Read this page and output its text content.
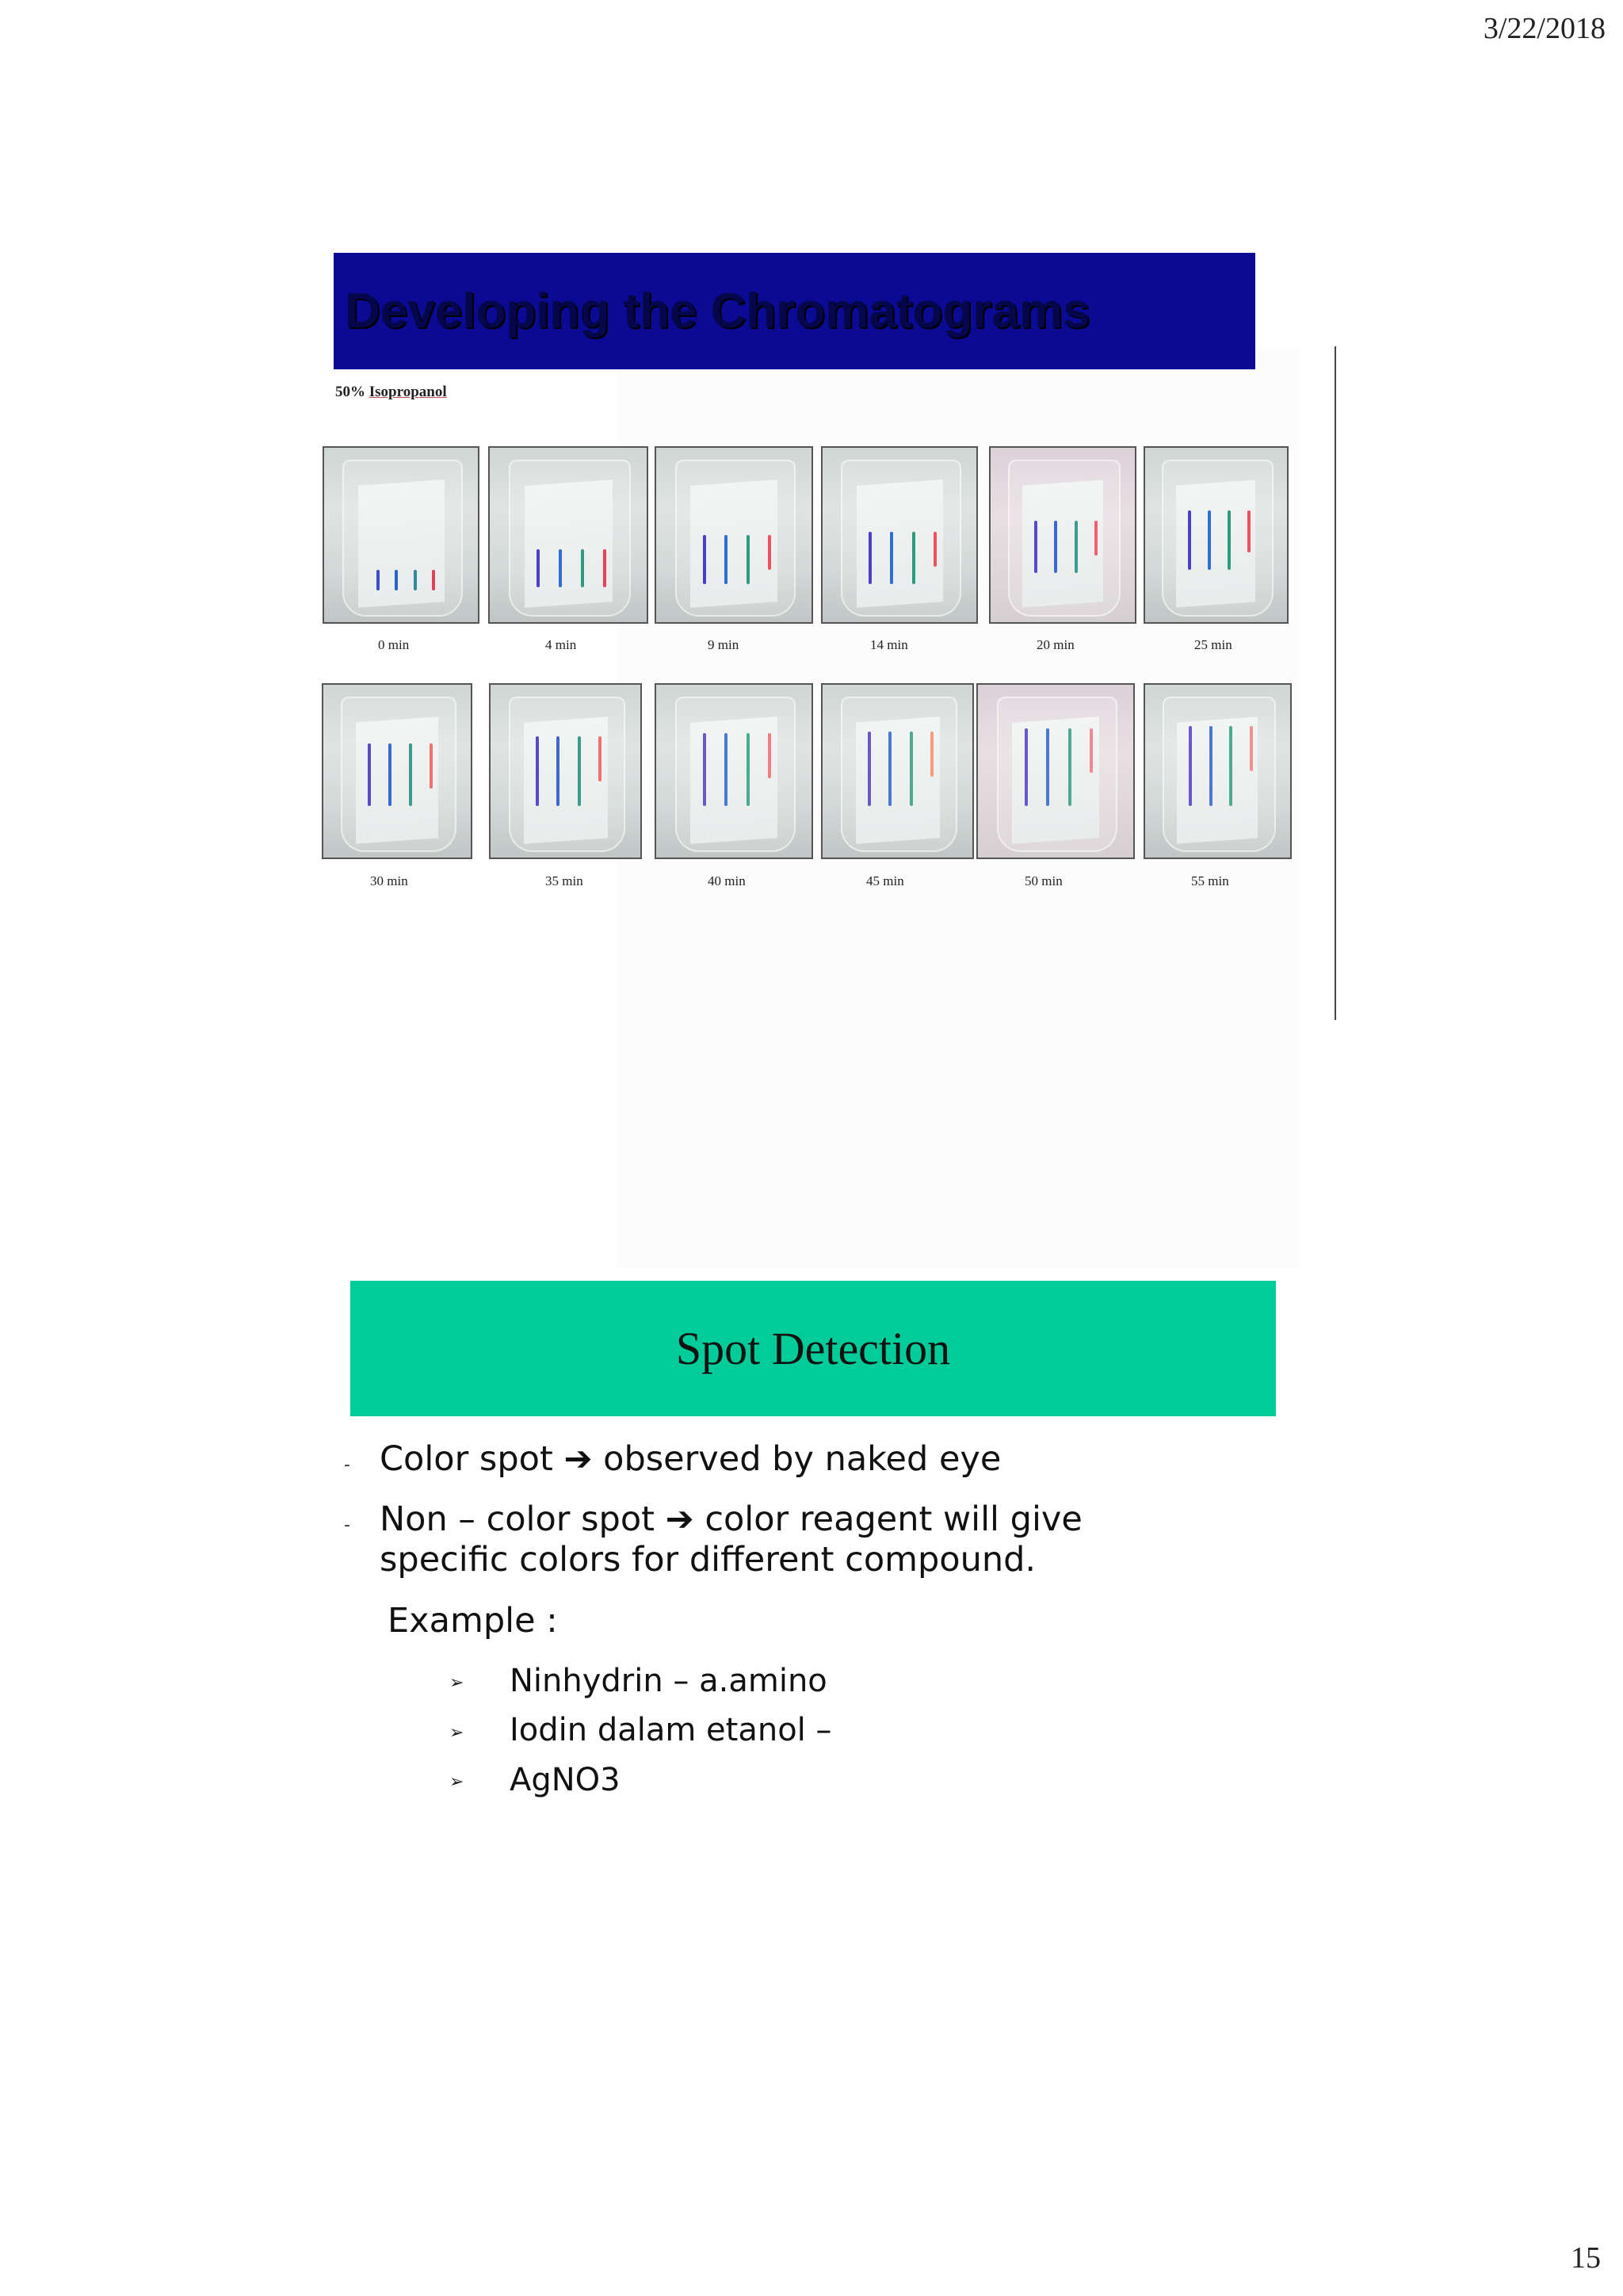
3/22/2018
15
Developing the Chromatograms
50% Isopropanol
0 min	4 min	9 min	14 min	20 min	25 min
30 min	35 min	40 min	45 min	50 min	55 min
Spot Detection
- Color spot ➔ observed by naked eye
- Non – color spot ➔ color reagent will give
specific colors for different compound.
Example :
➢ Ninhydrin – a.amino
➢ Iodin dalam etanol –
➢ AgNO3
